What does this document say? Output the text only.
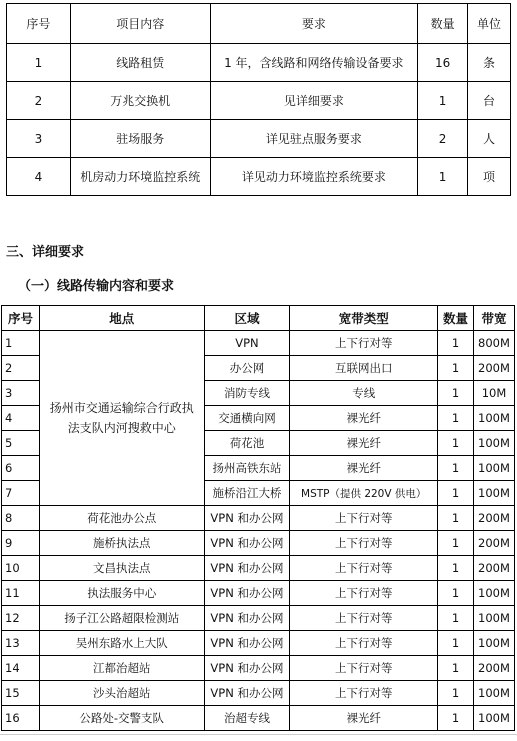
序号	项目内容	要求	数量	单位
1	线路租赁	1 年，含线路和网络传输设备要求	16	条
2	万兆交换机	见详细要求	1	台
3	驻场服务	详见驻点服务要求	2	人
4	机房动力环境监控系统	详见动力环境监控系统要求	1	项
三、详细要求
（一）线路传输内容和要求
序号	地点	区域	宽带类型	数量	带宽
1	扬州市交通运输综合行政执法支队内河搜救中心	VPN	上下行对等	1	800M
2		办公网	互联网出口	1	200M
3		消防专线	专线	1	10M
4		交通横向网	裸光纤	1	100M
5		荷花池	裸光纤	1	100M
6		扬州高铁东站	裸光纤	1	100M
7		施桥沿江大桥	MSTP（提供 220V 供电）	1	100M
8	荷花池办公点	VPN 和办公网	上下行对等	1	200M
9	施桥执法点	VPN 和办公网	上下行对等	1	200M
10	文昌执法点	VPN 和办公网	上下行对等	1	200M
11	执法服务中心	VPN 和办公网	上下行对等	1	100M
12	扬子江公路超限检测站	VPN 和办公网	上下行对等	1	100M
13	吴州东路水上大队	VPN 和办公网	上下行对等	1	100M
14	江都治超站	VPN 和办公网	上下行对等	1	200M
15	沙头治超站	VPN 和办公网	上下行对等	1	100M
16	公路处-交警支队	治超专线	裸光纤	1	100M
